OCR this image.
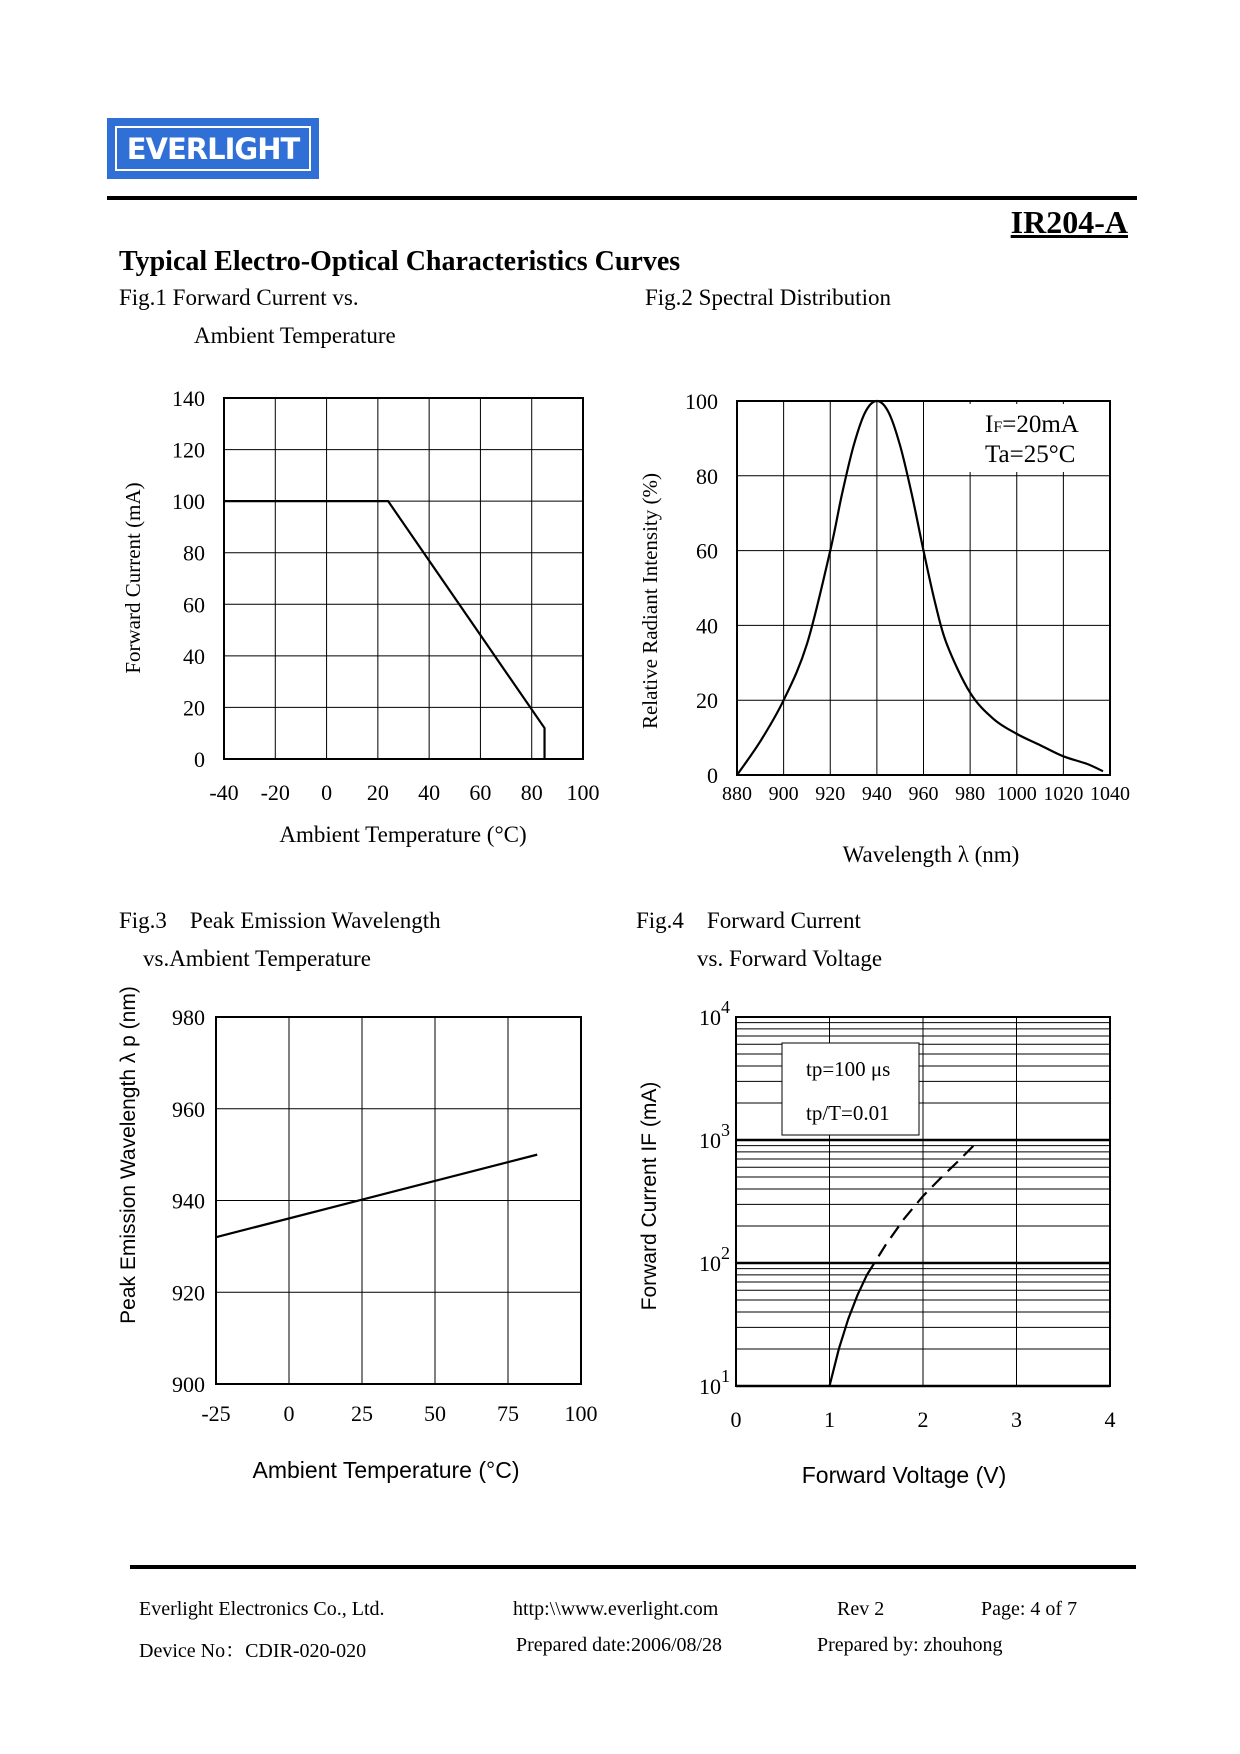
EVERLIGHT
IR204-A
Typical Electro-Optical Characteristics Curves
Fig.1 Forward Current vs.
Ambient Temperature
Fig.2 Spectral Distribution
Fig.3    Peak Emission Wavelength
vs.Ambient Temperature
Fig.4    Forward Current
vs. Forward Voltage
-40 -20 0 20 40 60 80 100
0
20
40
60
80
100
120
140
Ambient Temperature (°C)
Forward Current (mA)
880 900 920 940 960 980 1000 1020 1040
0
20
40
60
80
100
Wavelength λ (nm)
Relative Radiant Intensity (%)
IF=20mA
Ta=25°C
-25 0	25 50 75 100
900
920
940
960
980
Ambient Temperature (°C)
Peak Emission Wavelength λ p (nm)
0	1	2	3	4
$10^1$
$10^2$
$10^3$
$10^4$
Forward Voltage (V)
Forward Current IF (mA)
tp=100 μs
tp/T=0.01
Everlight Electronics Co., Ltd.	http:\\www.everlight.com	Rev 2	Page: 4 of 7
Device No：CDIR-020-020	Prepared date:2006/08/28	Prepared by: zhouhong
